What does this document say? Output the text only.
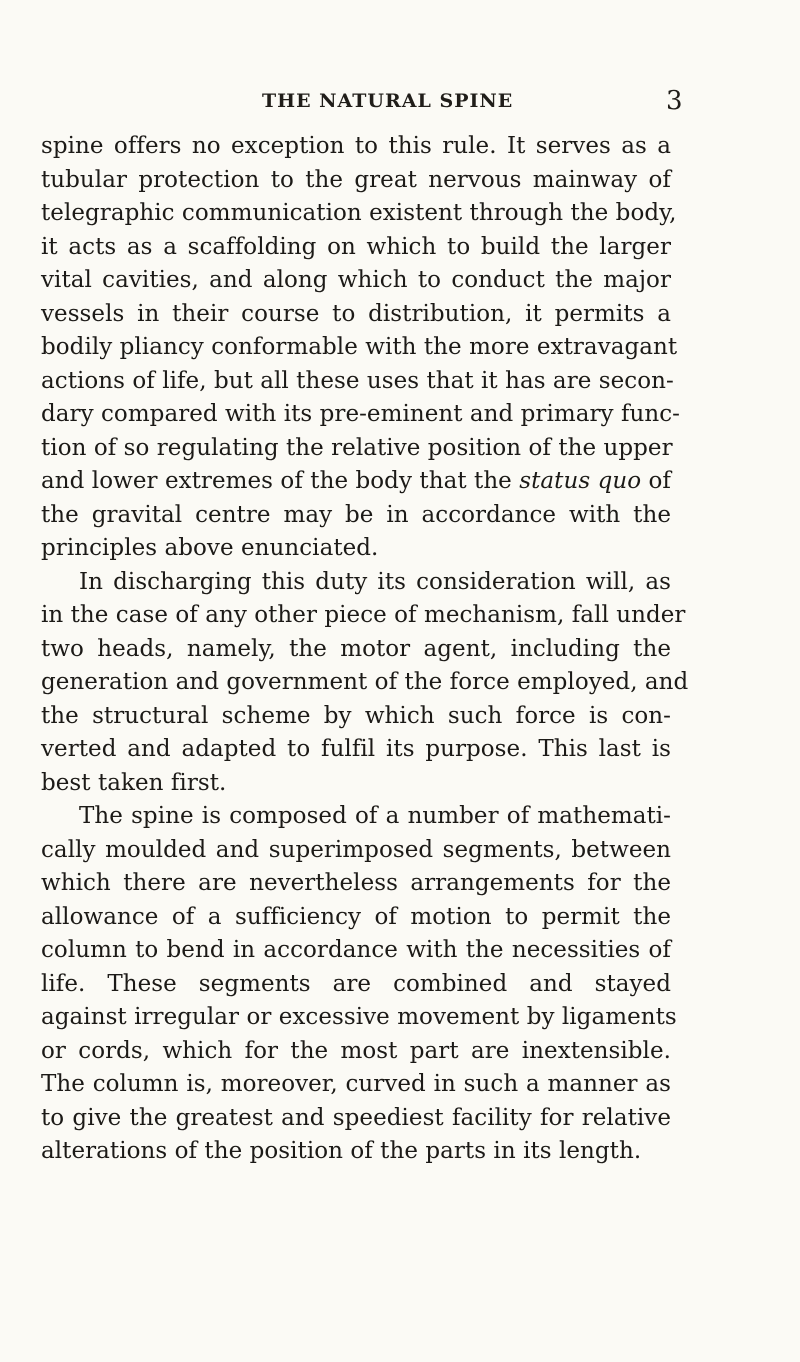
THE NATURAL SPINE	3
spine offers no exception to this rule. It serves as a
tubular protection to the great nervous mainway of
telegraphic communication existent through the body,
it acts as a scaffolding on which to build the larger
vital cavities, and along which to conduct the major
vessels in their course to distribution, it permits a
bodily pliancy conformable with the more extravagant
actions of life, but all these uses that it has are secon-
dary compared with its pre-eminent and primary func-
tion of so regulating the relative position of the upper
and lower extremes of the body that the status quo of
the gravital centre may be in accordance with the
principles above enunciated.
In discharging this duty its consideration will, as
in the case of any other piece of mechanism, fall under
two heads, namely, the motor agent, including the
generation and government of the force employed, and
the structural scheme by which such force is con-
verted and adapted to fulfil its purpose. This last is
best taken first.
The spine is composed of a number of mathemati-
cally moulded and superimposed segments, between
which there are nevertheless arrangements for the
allowance of a sufficiency of motion to permit the
column to bend in accordance with the necessities of
life. These segments are combined and stayed
against irregular or excessive movement by ligaments
or cords, which for the most part are inextensible.
The column is, moreover, curved in such a manner as
to give the greatest and speediest facility for relative
alterations of the position of the parts in its length.
